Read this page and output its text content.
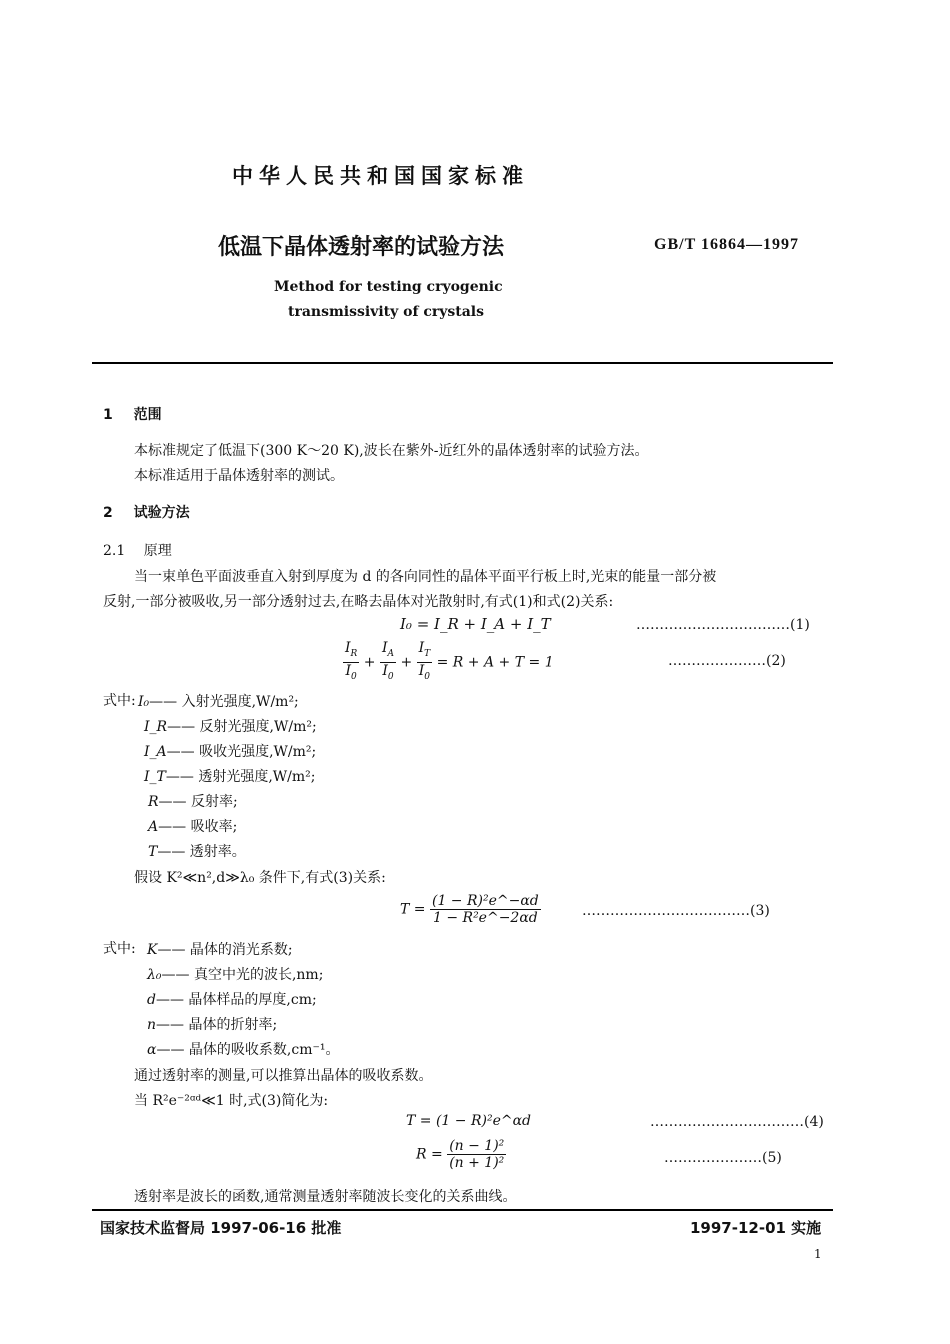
中华人民共和国国家标准
低温下晶体透射率的试验方法	GB/T 16864—1997
Method for testing cryogenic
transmissivity of crystals
1 范围
本标准规定了低温下(300 K～20 K),波长在紫外-近红外的晶体透射率的试验方法。
本标准适用于晶体透射率的测试。
2 试验方法
2.1 原理
当一束单色平面波垂直入射到厚度为 d 的各向同性的晶体平面平行板上时,光束的能量一部分被
反射,一部分被吸收,另一部分透射过去,在略去晶体对光散射时,有式(1)和式(2)关系:
I₀ = I_R + I_A + I_T	……………………………(1)
$\frac{I_R}{I_0} + \frac{I_A}{I_0} + \frac{I_T}{I_0} = R + A + T = 1$	…………………(2)
式中: I₀—— 入射光强度,W/m²;
I_R—— 反射光强度,W/m²;
I_A—— 吸收光强度,W/m²;
I_T—— 透射光强度,W/m²;
R—— 反射率;
A—— 吸收率;
T—— 透射率。
假设 K²≪n²,d≫λ₀ 条件下,有式(3)关系:
$T = \frac{\text{(1 − R)²e\textasciicircum{}−αd}}{\text{1 − R²e\textasciicircum{}−2αd}}$	………………………………(3)
式中: K—— 晶体的消光系数;
λ₀—— 真空中光的波长,nm;
d—— 晶体样品的厚度,cm;
n—— 晶体的折射率;
α—— 晶体的吸收系数,cm⁻¹。
通过透射率的测量,可以推算出晶体的吸收系数。
当 R²e⁻²ᵅᵈ≪1 时,式(3)简化为:
T = (1 − R)²e^αd	……………………………(4)
$R = \frac{\text{(n − 1)²}}{\text{(n + 1)²}}$	…………………(5)
透射率是波长的函数,通常测量透射率随波长变化的关系曲线。
国家技术监督局 1997-06-16 批准	1997-12-01 实施
1
